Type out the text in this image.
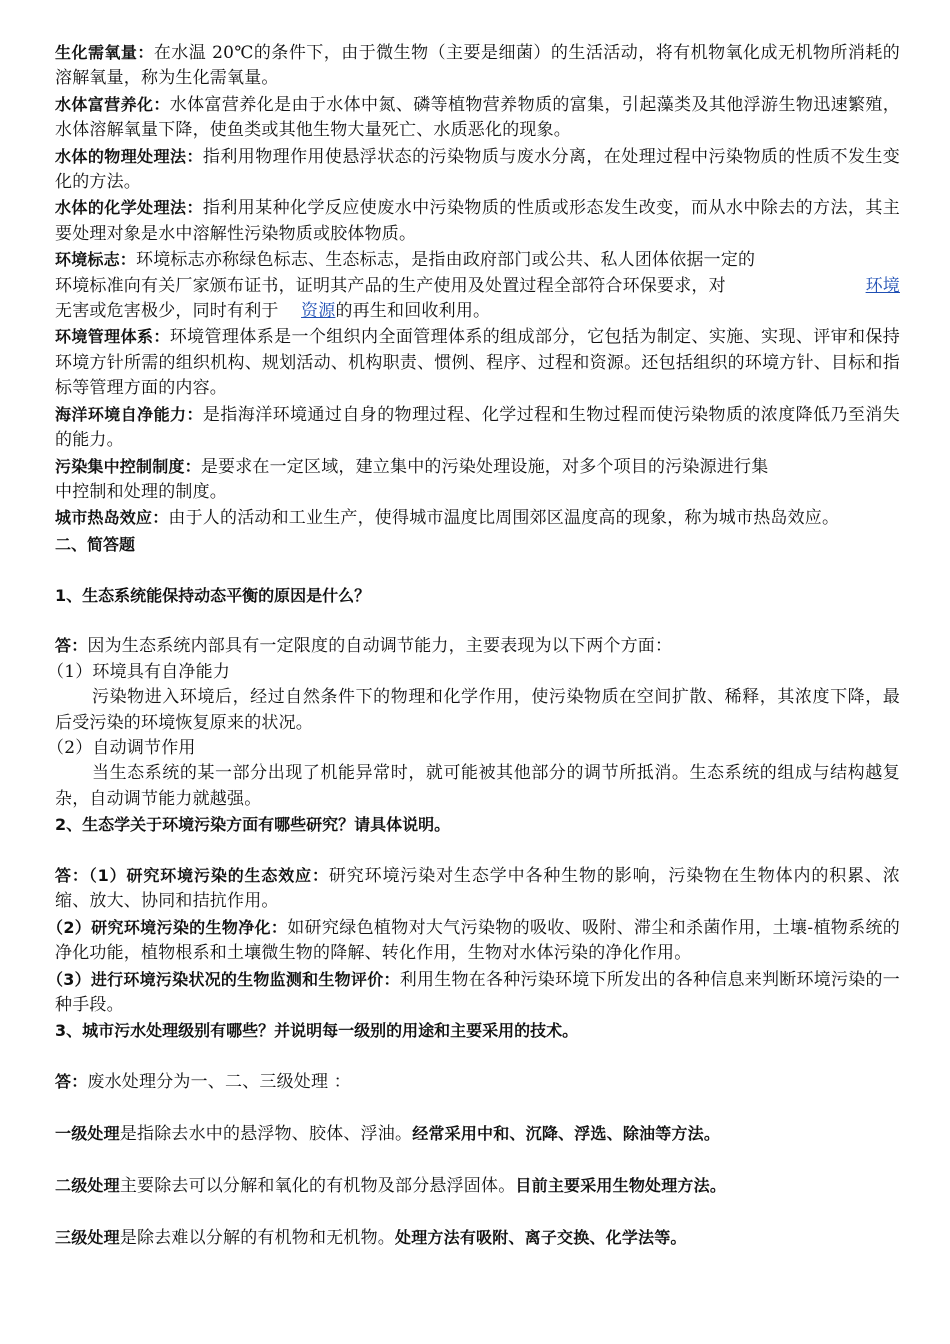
生化需氧量：在水温 20℃的条件下，由于微生物（主要是细菌）的生活活动，将有机物氧化成无机物所消耗的溶解氧量，称为生化需氧量。

水体富营养化：水体富营养化是由于水体中氮、磷等植物营养物质的富集，引起藻类及其他浮游生物迅速繁殖，水体溶解氧量下降，使鱼类或其他生物大量死亡、水质恶化的现象。

水体的物理处理法：指利用物理作用使悬浮状态的污染物质与废水分离，在处理过程中污染物质的性质不发生变化的方法。

水体的化学处理法：指利用某种化学反应使废水中污染物质的性质或形态发生改变，而从水中除去的方法，其主要处理对象是水中溶解性污染物质或胶体物质。

环境标志：环境标志亦称绿色标志、生态标志，是指由政府部门或公共、私人团体依据一定的
环境标准向有关厂家颁布证书，证明其产品的生产使用及处置过程全部符合环保要求，对	环境
无害或危害极少，同时有利于 资源的再生和回收利用。

环境管理体系：环境管理体系是一个组织内全面管理体系的组成部分，它包括为制定、实施、实现、评审和保持环境方针所需的组织机构、规划活动、机构职责、惯例、程序、过程和资源。还包括组织的环境方针、目标和指标等管理方面的内容。

海洋环境自净能力：是指海洋环境通过自身的物理过程、化学过程和生物过程而使污染物质的浓度降低乃至消失的能力。

污染集中控制制度：是要求在一定区域，建立集中的污染处理设施，对多个项目的污染源进行集
中控制和处理的制度。

城市热岛效应：由于人的活动和工业生产，使得城市温度比周围郊区温度高的现象，称为城市热岛效应。

二、简答题

1、生态系统能保持动态平衡的原因是什么？

答：因为生态系统内部具有一定限度的自动调节能力，主要表现为以下两个方面：

（1）环境具有自净能力

污染物进入环境后，经过自然条件下的物理和化学作用，使污染物质在空间扩散、稀释，其浓度下降，最后受污染的环境恢复原来的状况。

（2）自动调节作用

当生态系统的某一部分出现了机能异常时，就可能被其他部分的调节所抵消。生态系统的组成与结构越复杂，自动调节能力就越强。

2、生态学关于环境污染方面有哪些研究？请具体说明。

答：（1）研究环境污染的生态效应：研究环境污染对生态学中各种生物的影响，污染物在生物体内的积累、浓缩、放大、协同和拮抗作用。

（2）研究环境污染的生物净化：如研究绿色植物对大气污染物的吸收、吸附、滞尘和杀菌作用，土壤-植物系统的净化功能，植物根系和土壤微生物的降解、转化作用，生物对水体污染的净化作用。

（3）进行环境污染状况的生物监测和生物评价：利用生物在各种污染环境下所发出的各种信息来判断环境污染的一种手段。

3、城市污水处理级别有哪些？并说明每一级别的用途和主要采用的技术。

答：废水处理分为一、二、三级处理 ：

一级处理是指除去水中的悬浮物、胶体、浮油。经常采用中和、沉降、浮选、除油等方法。

二级处理主要除去可以分解和氧化的有机物及部分悬浮固体。目前主要采用生物处理方法。

三级处理是除去难以分解的有机物和无机物。处理方法有吸附、离子交换、化学法等。
